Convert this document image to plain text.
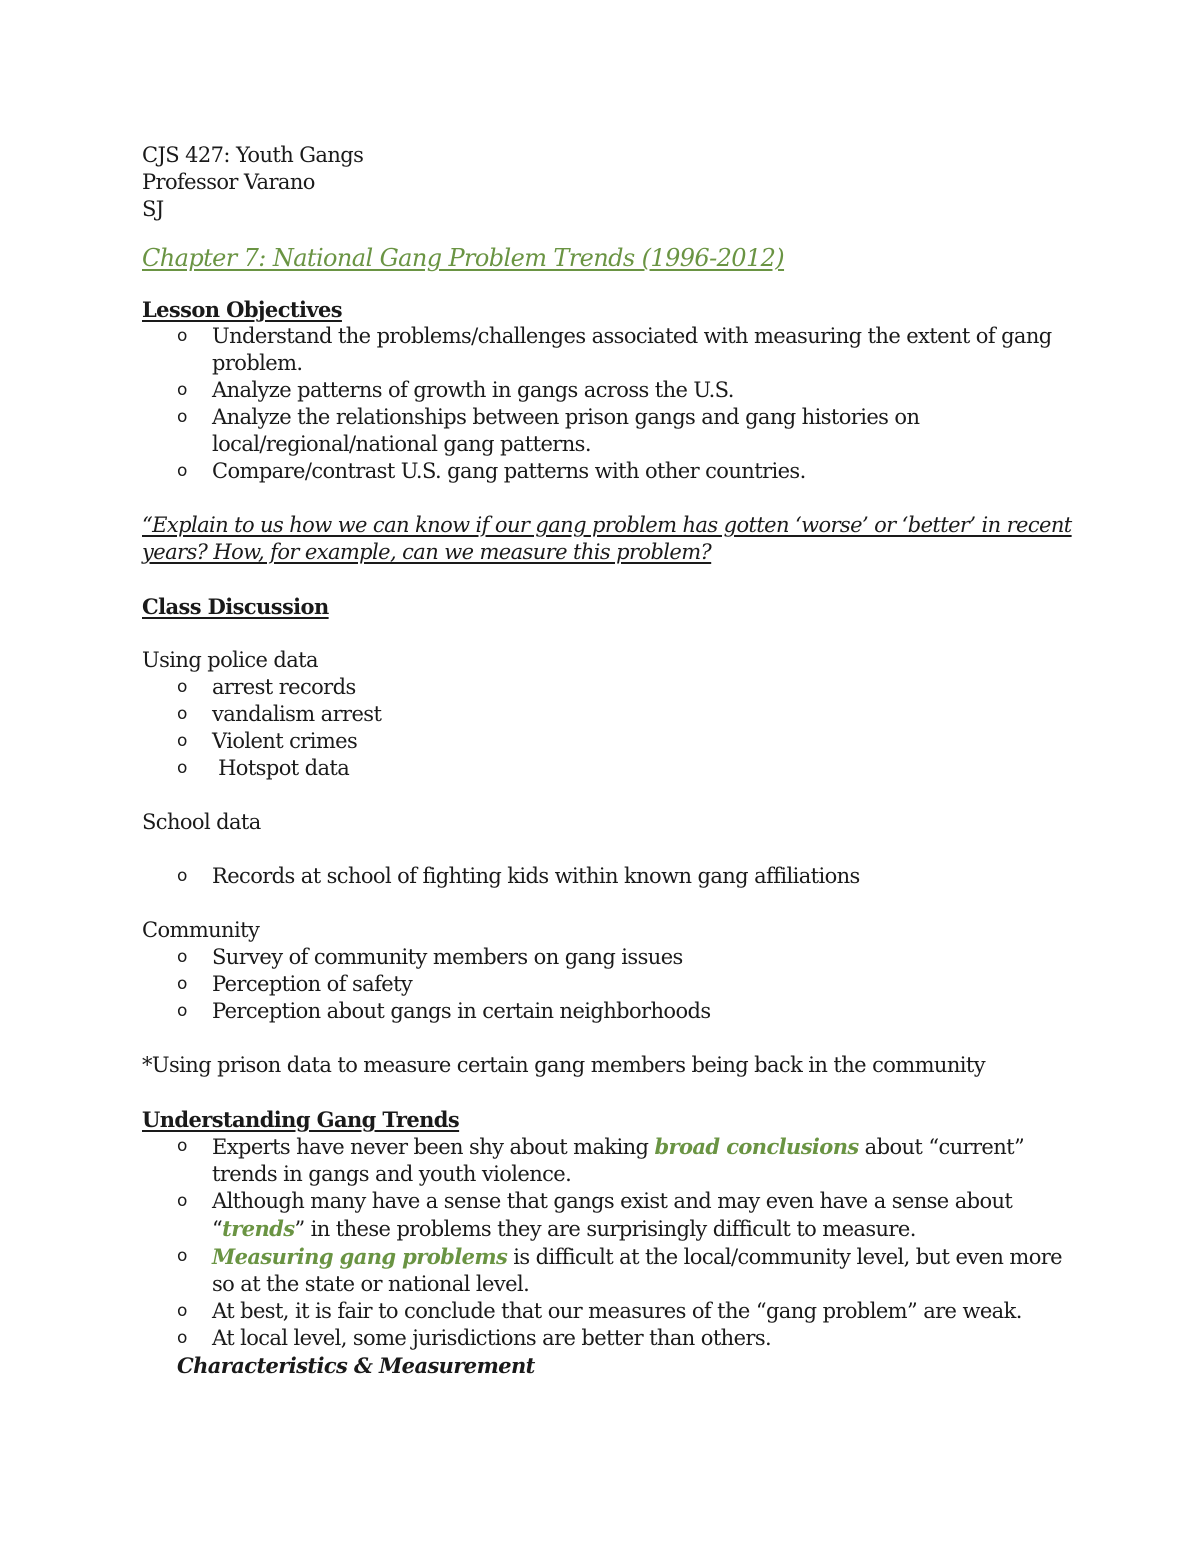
CJS 427: Youth Gangs
Professor Varano
SJ
Chapter 7: National Gang Problem Trends (1996-2012)
Lesson Objectives
o Understand the problems/challenges associated with measuring the extent of gang problem.
o Analyze patterns of growth in gangs across the U.S.
o Analyze the relationships between prison gangs and gang histories on local/regional/national gang patterns.
o Compare/contrast U.S. gang patterns with other countries.
“Explain to us how we can know if our gang problem has gotten ‘worse’ or ‘better’ in recent years? How, for example, can we measure this problem?
Class Discussion
Using police data
o arrest records
o vandalism arrest
o Violent crimes
o Hotspot data
School data
o Records at school of fighting kids within known gang affiliations
Community
o Survey of community members on gang issues
o Perception of safety
o Perception about gangs in certain neighborhoods
*Using prison data to measure certain gang members being back in the community
Understanding Gang Trends
o Experts have never been shy about making broad conclusions about “current” trends in gangs and youth violence.
o Although many have a sense that gangs exist and may even have a sense about “trends” in these problems they are surprisingly difficult to measure.
o Measuring gang problems is difficult at the local/community level, but even more so at the state or national level.
o At best, it is fair to conclude that our measures of the “gang problem” are weak.
o At local level, some jurisdictions are better than others.
Characteristics & Measurement
